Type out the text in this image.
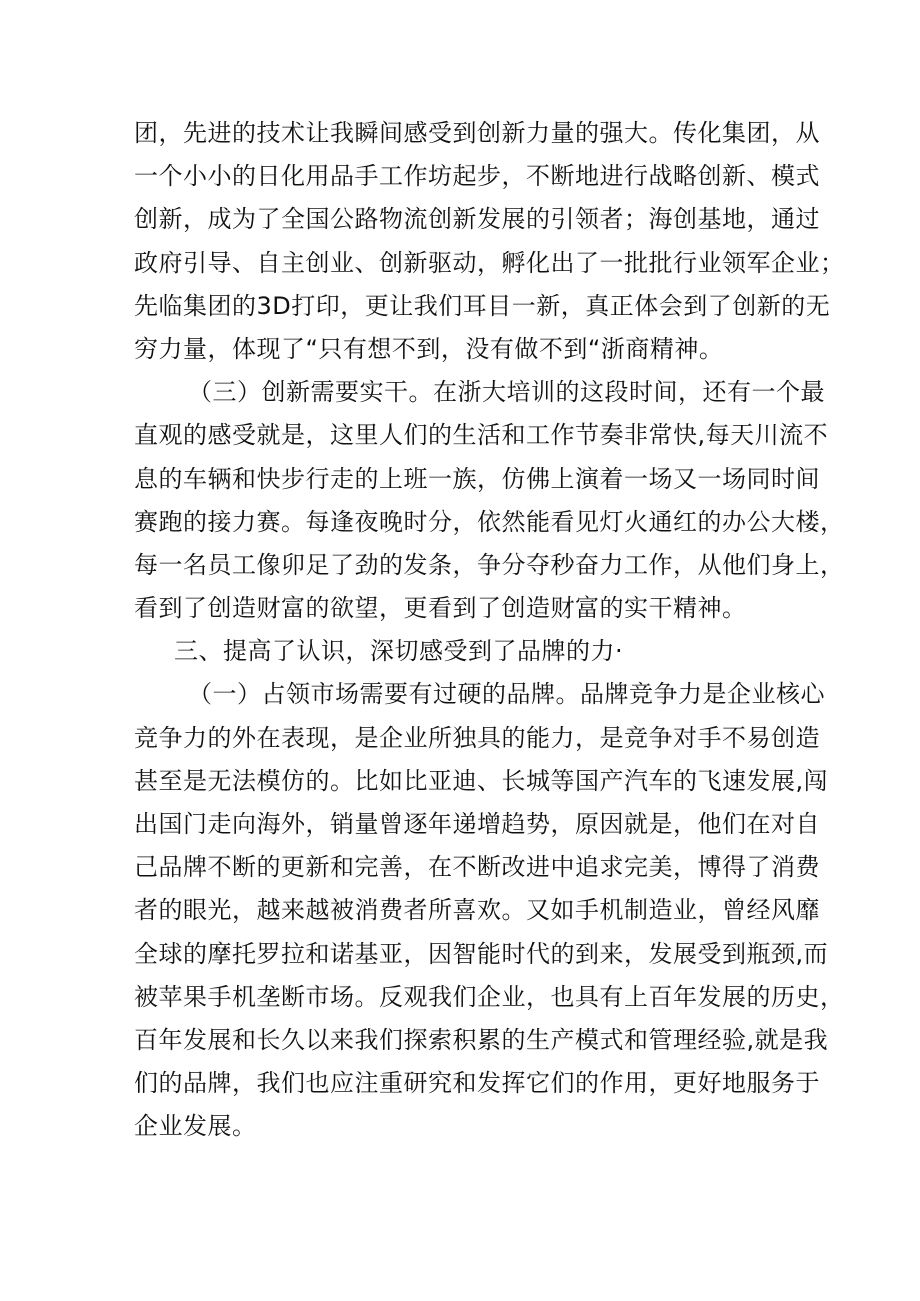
团，先进的技术让我瞬间感受到创新力量的强大。传化集团，从
一个小小的日化用品手工作坊起步，不断地进行战略创新、模式
创新，成为了全国公路物流创新发展的引领者；海创基地，通过
政府引导、自主创业、创新驱动，孵化出了一批批行业领军企业；
先临集团的3D打印，更让我们耳目一新，真正体会到了创新的无
穷力量，体现了“只有想不到，没有做不到“浙商精神。
（三）创新需要实干。在浙大培训的这段时间，还有一个最
直观的感受就是，这里人们的生活和工作节奏非常快,每天川流不
息的车辆和快步行走的上班一族，仿佛上演着一场又一场同时间
赛跑的接力赛。每逢夜晚时分，依然能看见灯火通红的办公大楼，
每一名员工像卯足了劲的发条，争分夺秒奋力工作，从他们身上，
看到了创造财富的欲望，更看到了创造财富的实干精神。
三、提高了认识，深切感受到了品牌的力·
（一）占领市场需要有过硬的品牌。品牌竞争力是企业核心
竞争力的外在表现，是企业所独具的能力，是竞争对手不易创造
甚至是无法模仿的。比如比亚迪、长城等国产汽车的飞速发展,闯
出国门走向海外，销量曾逐年递增趋势，原因就是，他们在对自
己品牌不断的更新和完善，在不断改进中追求完美，博得了消费
者的眼光，越来越被消费者所喜欢。又如手机制造业，曾经风靡
全球的摩托罗拉和诺基亚，因智能时代的到来，发展受到瓶颈,而
被苹果手机垄断市场。反观我们企业，也具有上百年发展的历史，
百年发展和长久以来我们探索积累的生产模式和管理经验,就是我
们的品牌，我们也应注重研究和发挥它们的作用，更好地服务于
企业发展。
